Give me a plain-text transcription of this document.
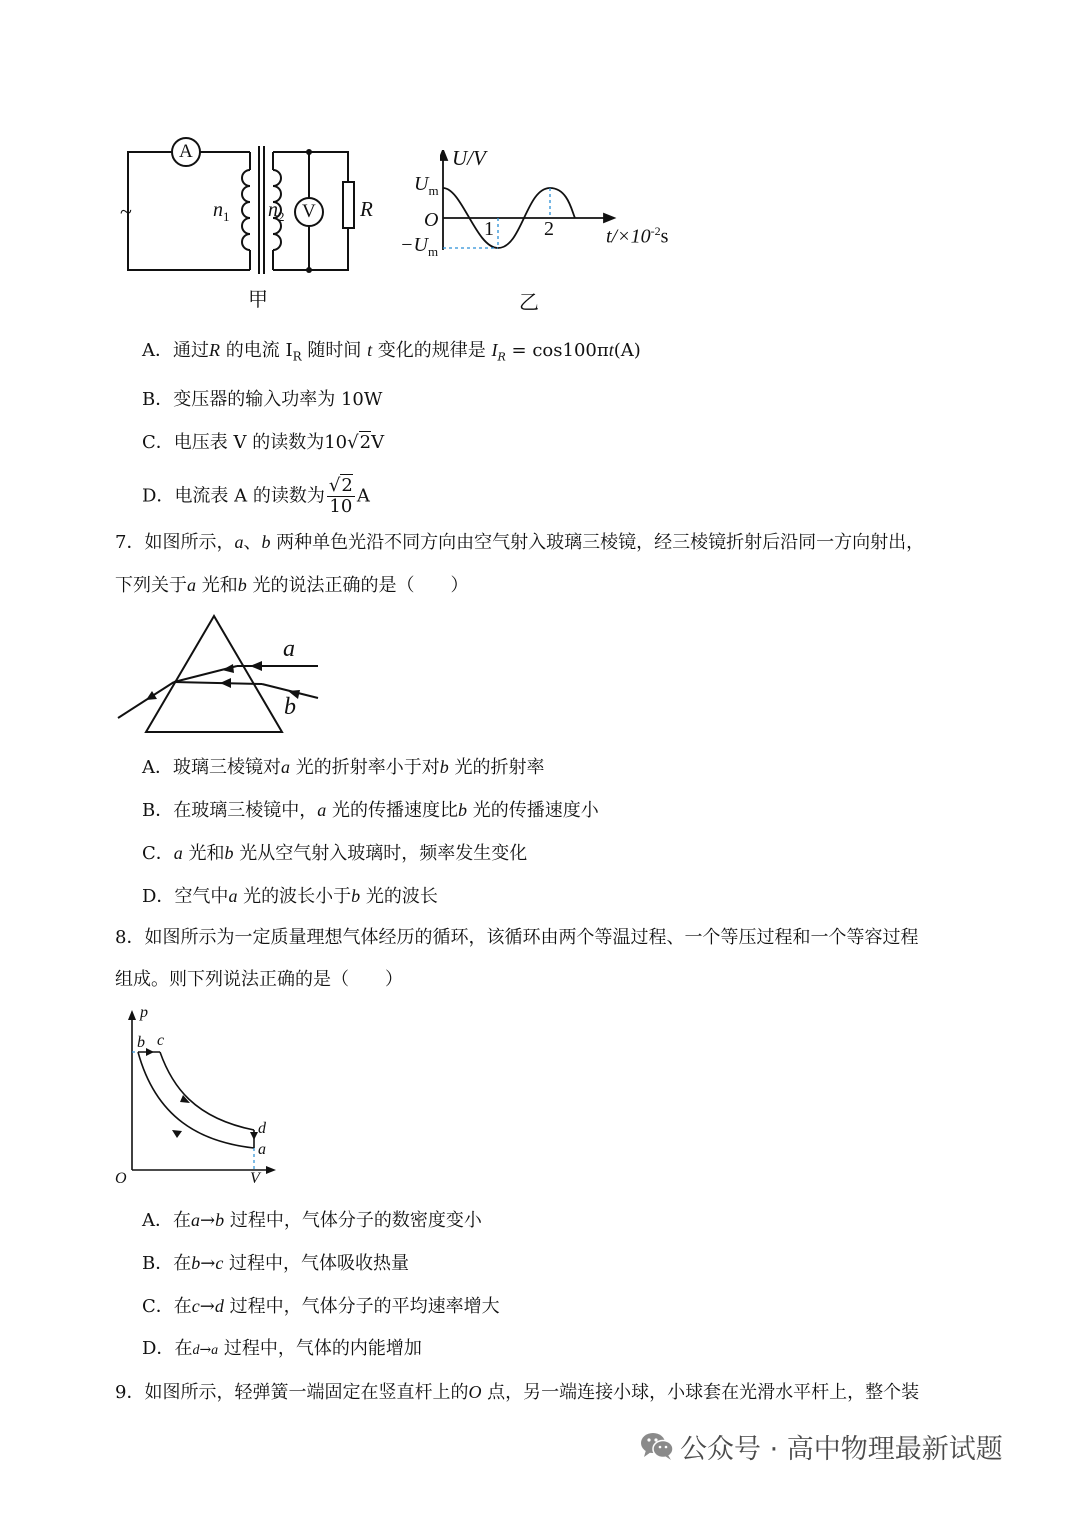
A
V
~	$n_1$ $n_2$	R
甲
U/V
$U_m$
O
$-U_m$
1	2	$t/\times 10^{-2}s$
乙
A．通过R 的电流 $I_R$ 随时间 t 变化的规律是 $I_R = \cos 100\pi t(A)$
B．变压器的输入功率为 10W
C．电压表 V 的读数为10√2V
D．电流表 A 的读数为 $\frac{√2}{10}$ A
7．如图所示，a、b 两种单色光沿不同方向由空气射入玻璃三棱镜，经三棱镜折射后沿同一方向射出，
下列关于a 光和b 光的说法正确的是（　　）
a
b
A．玻璃三棱镜对a 光的折射率小于对b 光的折射率
B．在玻璃三棱镜中，a 光的传播速度比b 光的传播速度小
C．a 光和b 光从空气射入玻璃时，频率发生变化
D．空气中a 光的波长小于b 光的波长
8．如图所示为一定质量理想气体经历的循环，该循环由两个等温过程、一个等压过程和一个等容过程
组成。则下列说法正确的是（　　）
p
V
O
b c
d
a
A．在a→b 过程中，气体分子的数密度变小
B．在b→c 过程中，气体吸收热量
C．在c→d 过程中，气体分子的平均速率增大
D．在d→a 过程中，气体的内能增加
9．如图所示，轻弹簧一端固定在竖直杆上的O 点，另一端连接小球，小球套在光滑水平杆上，整个装
公众号 · 高中物理最新试题
